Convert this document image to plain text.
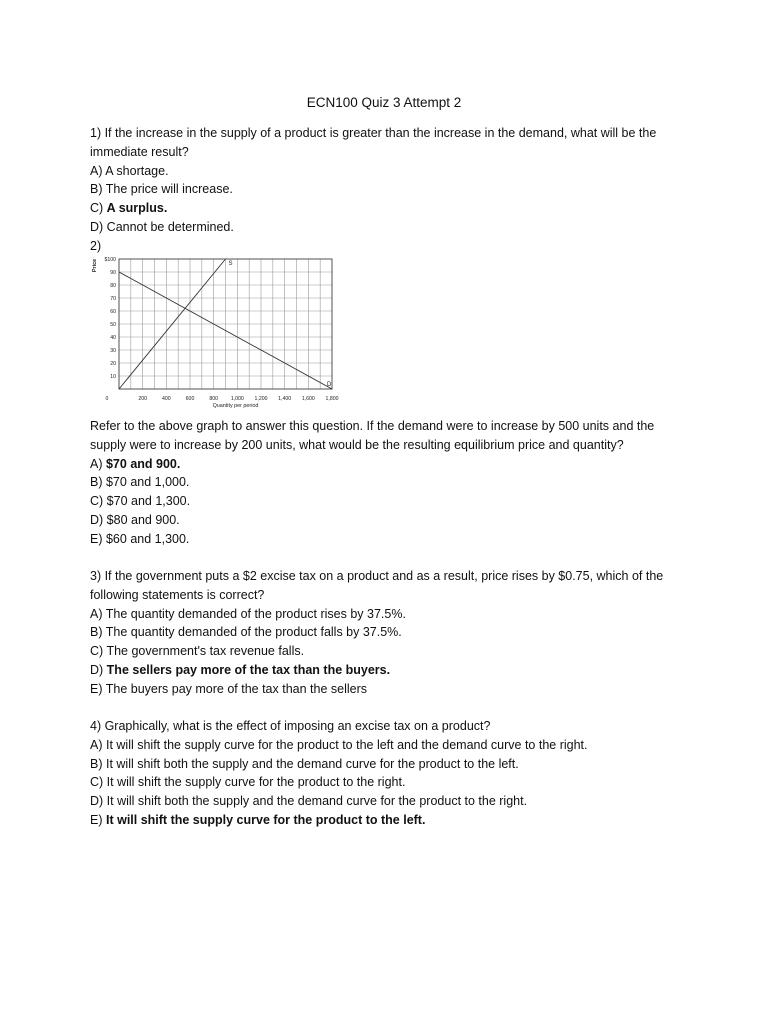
ECN100 Quiz 3 Attempt 2
1) If the increase in the supply of a product is greater than the increase in the demand, what will be the immediate result?
A) A shortage.
B) The price will increase.
C) A surplus.
D) Cannot be determined.
2)
$100
90
80
70
60
50
40
30
20
10
0	200	400	600	800 1,000 1,200 1,400 1,600 1,800
Quantity per period
Price	S
D
Refer to the above graph to answer this question. If the demand were to increase by 500 units and the supply were to increase by 200 units, what would be the resulting equilibrium price and quantity?
A) $70 and 900.
B) $70 and 1,000.
C) $70 and 1,300.
D) $80 and 900.
E) $60 and 1,300.
3) If the government puts a $2 excise tax on a product and as a result, price rises by $0.75, which of the following statements is correct?
A) The quantity demanded of the product rises by 37.5%.
B) The quantity demanded of the product falls by 37.5%.
C) The government's tax revenue falls.
D) The sellers pay more of the tax than the buyers.
E) The buyers pay more of the tax than the sellers
4) Graphically, what is the effect of imposing an excise tax on a product?
A) It will shift the supply curve for the product to the left and the demand curve to the right.
B) It will shift both the supply and the demand curve for the product to the left.
C) It will shift the supply curve for the product to the right.
D) It will shift both the supply and the demand curve for the product to the right.
E) It will shift the supply curve for the product to the left.
